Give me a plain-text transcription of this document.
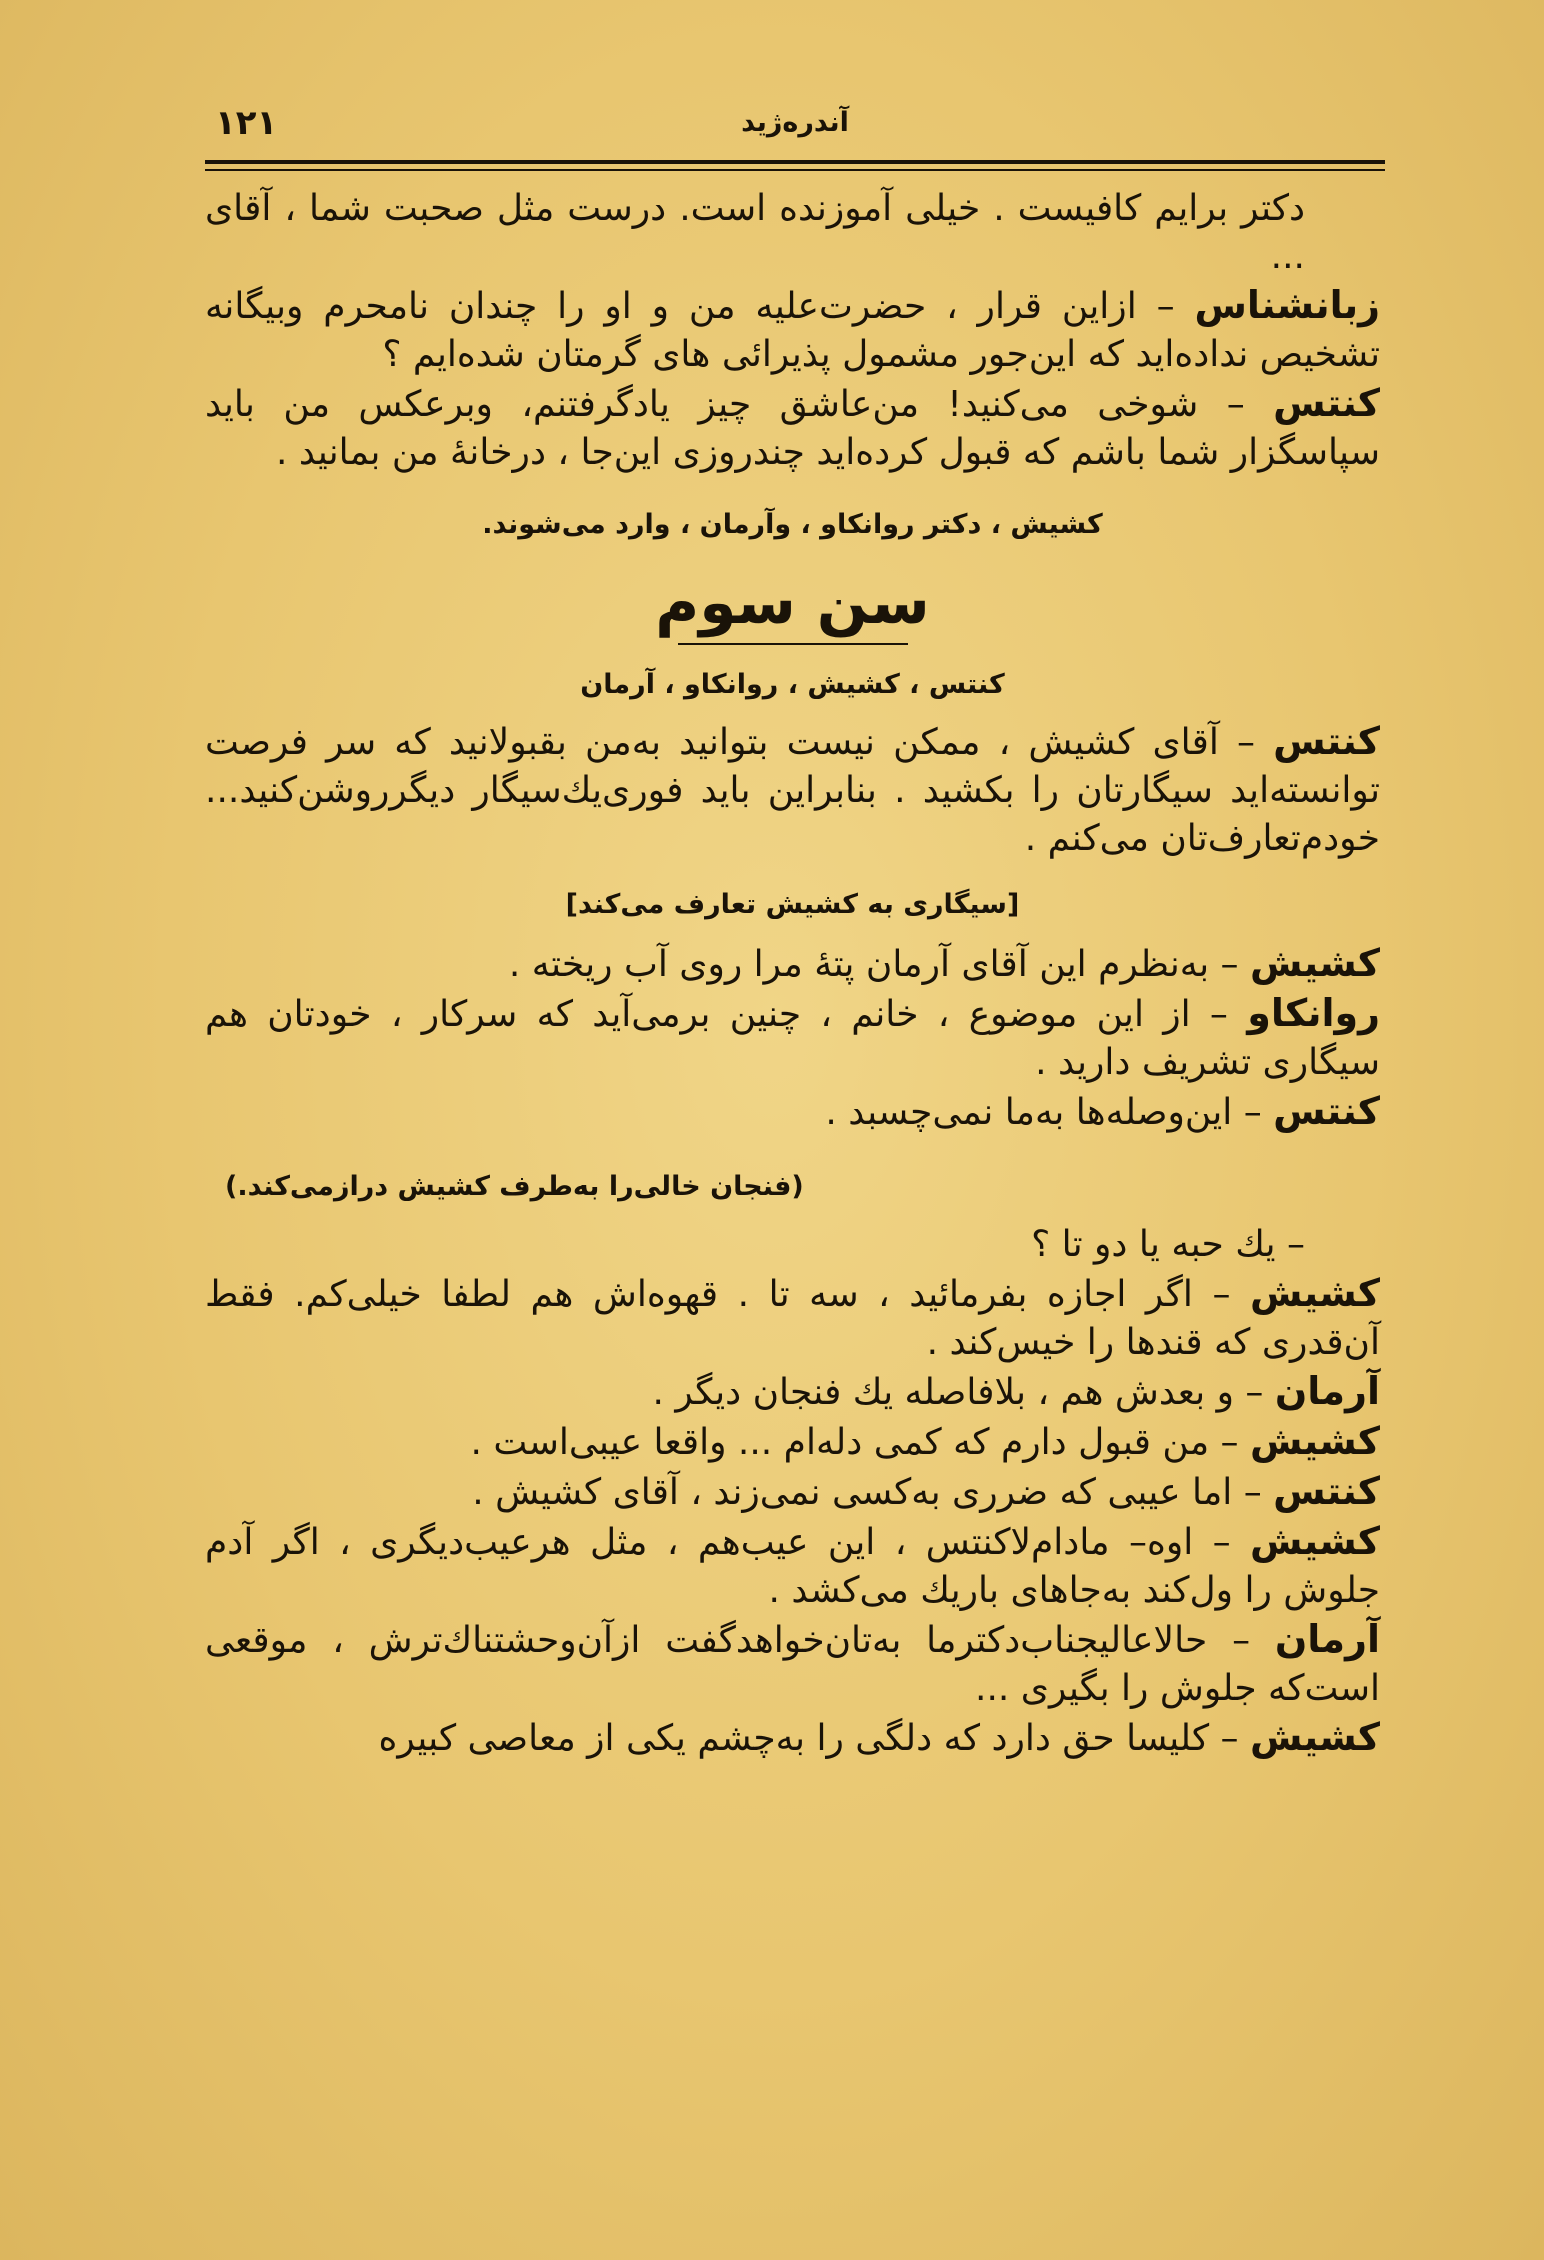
۱۲۱	آندره‌ژید

دکتر برایم کافیست . خیلی آموزنده است. درست مثل صحبت شما ، آقای ...

زبانشناس – ازاین قرار ، حضرت‌علیه من و او را چندان نامحرم وبیگانه تشخیص نداده‌اید که این‌جور مشمول پذیرائی های گرمتان شده‌ایم ؟

کنتس – شوخی می‌کنید! من‌عاشق چیز یادگرفتنم، وبرعکس من باید سپاسگزار شما باشم که قبول کرده‌اید چندروزی این‌جا ، درخانهٔ من بمانید .

کشیش ، دکتر روانکاو ، وآرمان ، وارد می‌شوند.

سن سوم

کنتس ، کشیش ، روانکاو ، آرمان

کنتس – آقای کشیش ، ممکن نیست بتوانید به‌من بقبولانید که سر فرصت توانسته‌اید سیگارتان را بکشید . بنابراین باید فوری‌یك‌سیگار دیگرروشن‌کنید... خودم‌تعارف‌تان می‌کنم .

[سیگاری به کشیش تعارف می‌کند]

کشیش – به‌نظرم این آقای آرمان پتهٔ مرا روی آب ریخته .

روانکاو – از این موضوع ، خانم ، چنین برمی‌آید که سرکار ، خودتان هم سیگاری تشریف دارید .

کنتس – این‌وصله‌ها به‌ما نمی‌چسبد .

(فنجان خالی‌را به‌طرف کشیش درازمی‌کند.)

– یك حبه یا دو تا ؟

کشیش – اگر اجازه بفرمائید ، سه تا . قهوه‌اش هم لطفا خیلی‌کم. فقط آن‌قدری که قندها را خیس‌کند .

آرمان – و بعدش هم ، بلافاصله یك فنجان دیگر .

کشیش – من قبول دارم که کمی دله‌ام ... واقعا عیبی‌است .

کنتس – اما عیبی که ضرری به‌کسی نمی‌زند ، آقای کشیش .

کشیش – اوه– مادام‌لاکنتس ، این عیب‌هم ، مثل هرعیب‌دیگری ، اگر آدم جلوش را ول‌کند به‌جاهای باریك می‌کشد .

آرمان – حالاعالیجناب‌دکترما به‌تان‌خواهدگفت ازآن‌وحشتناك‌ترش ، موقعی است‌که جلوش را بگیری ...

کشیش – کلیسا حق دارد که دلگی را به‌چشم یکی از معاصی کبیره
